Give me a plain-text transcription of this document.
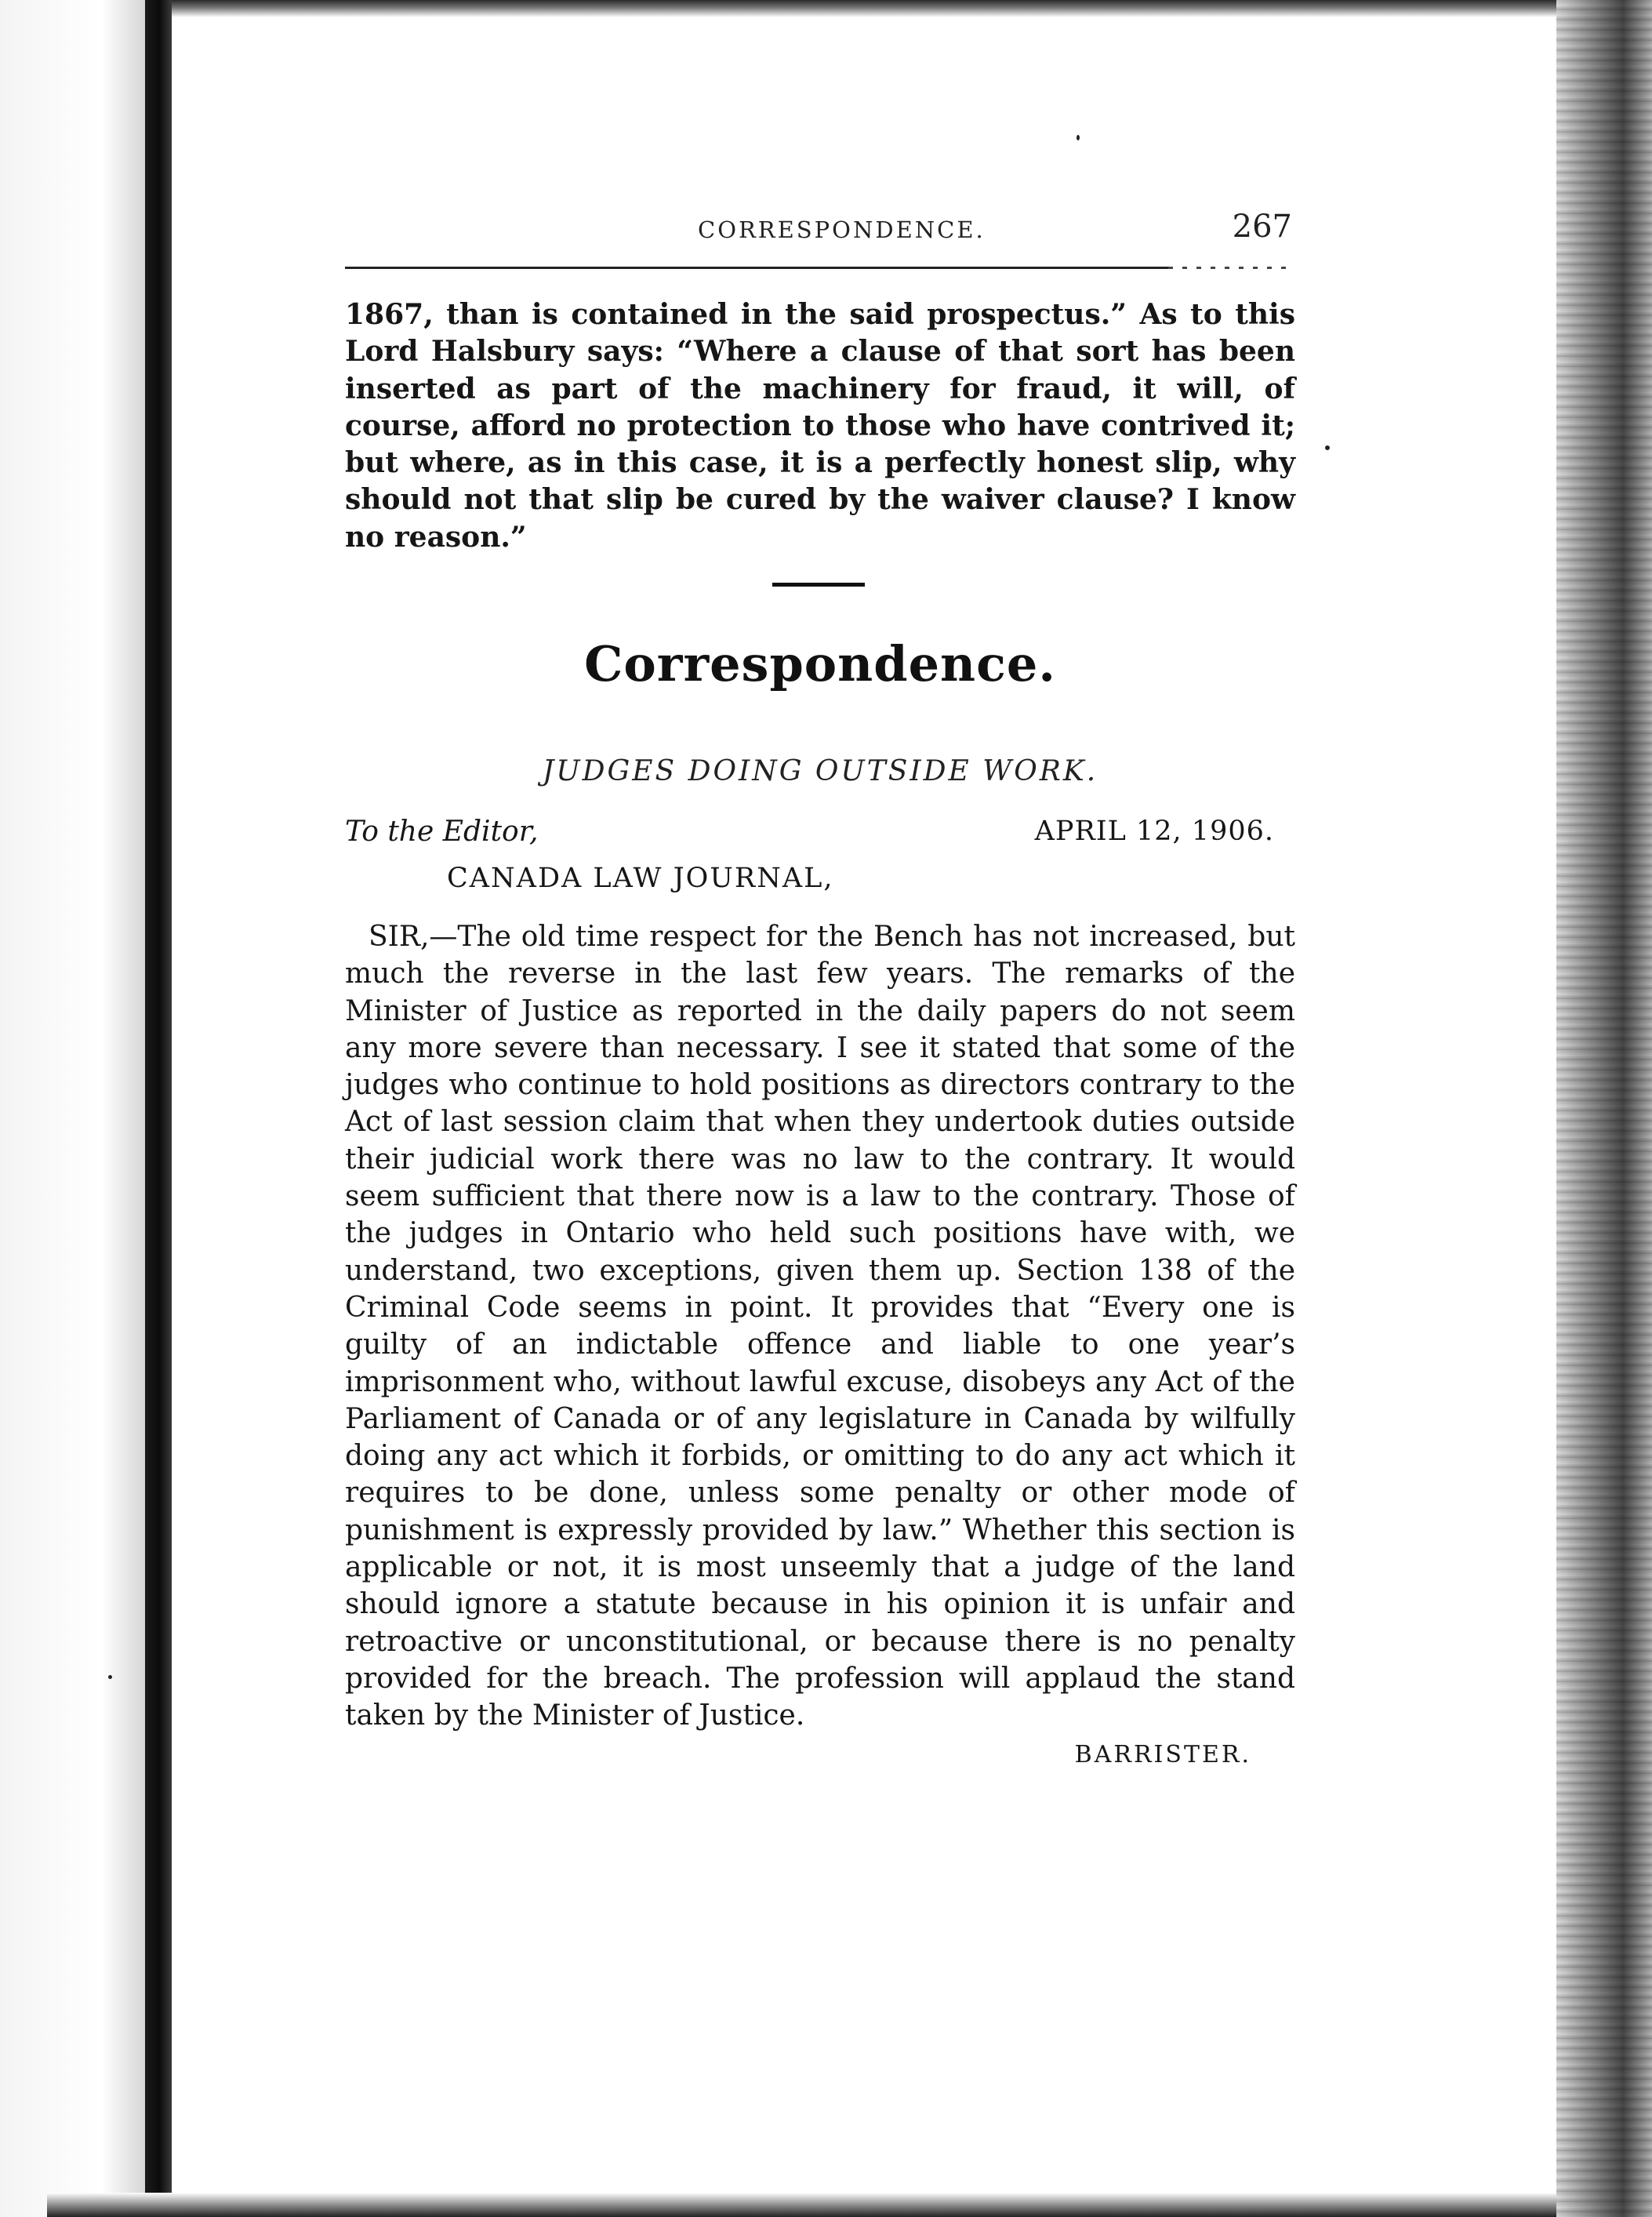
CORRESPONDENCE.	267

1867, than is contained in the said prospectus.” As to this Lord Halsbury says: “Where a clause of that sort has been inserted as part of the machinery for fraud, it will, of course, afford no protection to those who have contrived it; but where, as in this case, it is a perfectly honest slip, why should not that slip be cured by the waiver clause? I know no reason.”

Correspondence.
JUDGES DOING OUTSIDE WORK.
To the Editor,	APRIL 12, 1906.
CANADA LAW JOURNAL,

SIR,—The old time respect for the Bench has not increased, but much the reverse in the last few years. The remarks of the Minister of Justice as reported in the daily papers do not seem any more severe than necessary. I see it stated that some of the judges who continue to hold positions as directors contrary to the Act of last session claim that when they undertook duties outside their judicial work there was no law to the contrary. It would seem sufficient that there now is a law to the contrary. Those of the judges in Ontario who held such positions have with, we understand, two exceptions, given them up. Section 138 of the Criminal Code seems in point. It provides that “Every one is guilty of an indictable offence and liable to one year’s imprisonment who, without lawful excuse, disobeys any Act of the Parliament of Canada or of any legislature in Canada by wilfully doing any act which it forbids, or omitting to do any act which it requires to be done, unless some penalty or other mode of punishment is expressly provided by law.” Whether this section is applicable or not, it is most unseemly that a judge of the land should ignore a statute because in his opinion it is unfair and retroactive or unconstitutional, or because there is no penalty provided for the breach. The profession will applaud the stand taken by the Minister of Justice.

BARRISTER.
